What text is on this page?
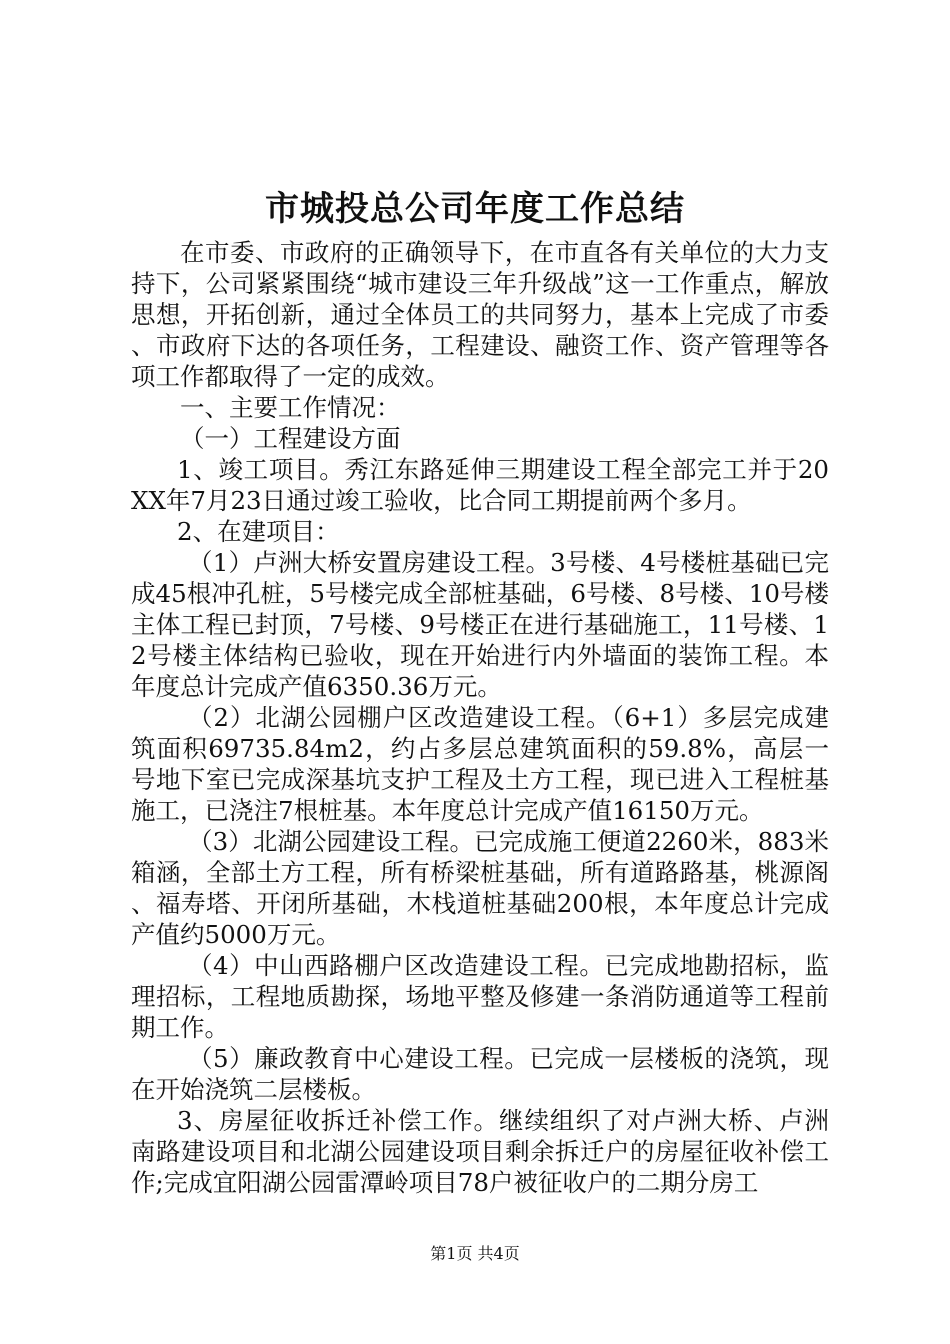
市城投总公司年度工作总结

在市委、市政府的正确领导下，在市直各有关单位的大力支持下，公司紧紧围绕“城市建设三年升级战”这一工作重点，解放思想，开拓创新，通过全体员工的共同努力，基本上完成了市委、市政府下达的各项任务，工程建设、融资工作、资产管理等各项工作都取得了一定的成效。

一、主要工作情况：

（一）工程建设方面

1、竣工项目。秀江东路延伸三期建设工程全部完工并于20XX年7月23日通过竣工验收，比合同工期提前两个多月。

2、在建项目：

（1）卢洲大桥安置房建设工程。3号楼、4号楼桩基础已完成45根冲孔桩，5号楼完成全部桩基础，6号楼、8号楼、10号楼主体工程已封顶，7号楼、9号楼正在进行基础施工，11号楼、12号楼主体结构已验收，现在开始进行内外墙面的装饰工程。本年度总计完成产值6350.36万元。

（2）北湖公园棚户区改造建设工程。（6+1）多层完成建筑面积69735.84m2，约占多层总建筑面积的59.8%，高层一号地下室已完成深基坑支护工程及土方工程，现已进入工程桩基施工，已浇注7根桩基。本年度总计完成产值16150万元。

（3）北湖公园建设工程。已完成施工便道2260米，883米箱涵，全部土方工程，所有桥梁桩基础，所有道路路基，桃源阁、福寿塔、开闭所基础，木栈道桩基础200根，本年度总计完成产值约5000万元。

（4）中山西路棚户区改造建设工程。已完成地勘招标，监理招标，工程地质勘探，场地平整及修建一条消防通道等工程前期工作。

（5）廉政教育中心建设工程。已完成一层楼板的浇筑，现在开始浇筑二层楼板。

3、房屋征收拆迁补偿工作。继续组织了对卢洲大桥、卢洲南路建设项目和北湖公园建设项目剩余拆迁户的房屋征收补偿工作;完成宜阳湖公园雷潭岭项目78户被征收户的二期分房工

第1页 共4页
